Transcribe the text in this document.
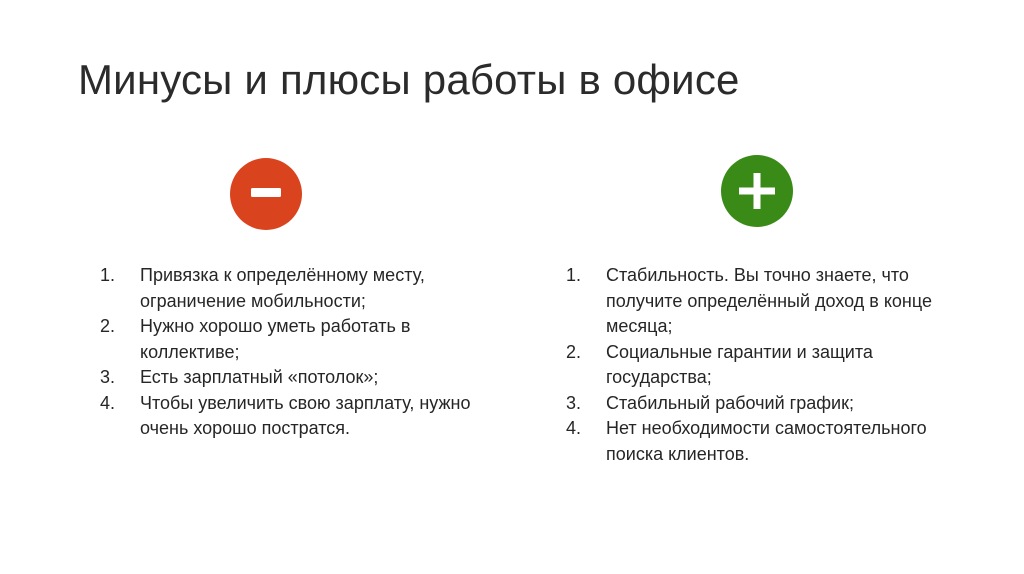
Минусы и плюсы работы в офисе
1.	Привязка к определённому месту, ограничение мобильности;
2.	Нужно хорошо уметь работать в коллективе;
3.	Есть зарплатный «потолок»;
4.	Чтобы увеличить свою зарплату, нужно очень хорошо постратся.
1.	Стабильность. Вы точно знаете, что получите определённый доход в конце месяца;
2.	Социальные гарантии и защита государства;
3.	Стабильный рабочий график;
4.	Нет необходимости самостоятельного поиска клиентов.
